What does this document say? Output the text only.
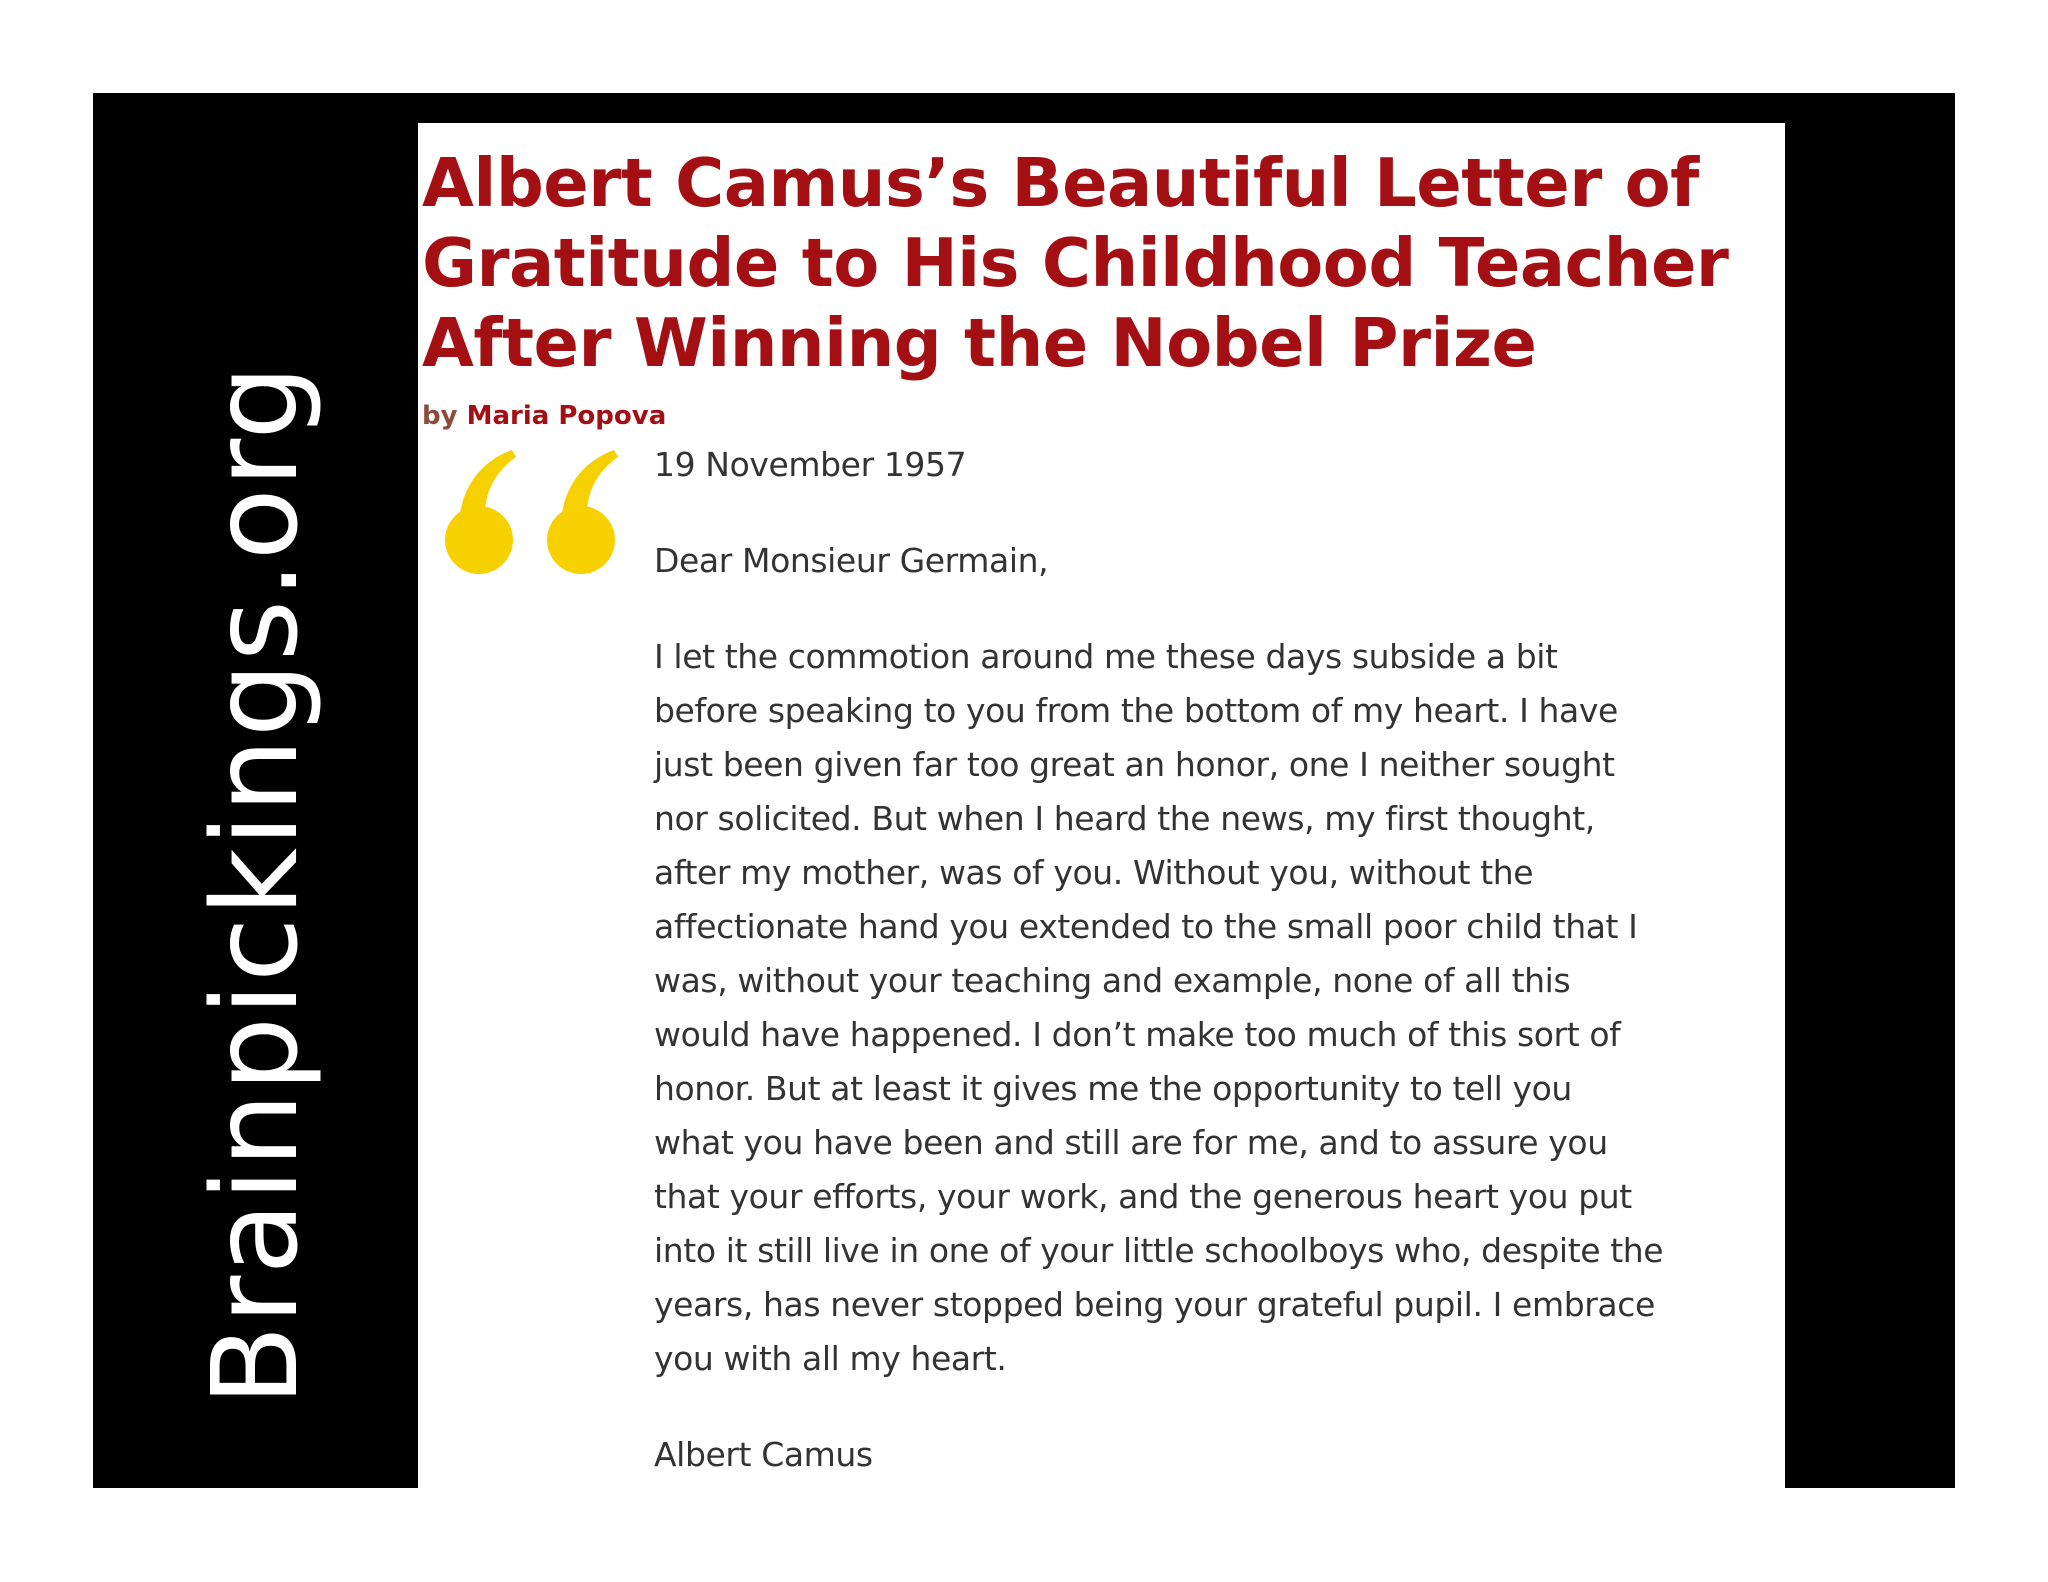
Brainpickings.org
Albert Camus’s Beautiful Letter of Gratitude to His Childhood Teacher After Winning the Nobel Prize
by Maria Popova

19 November 1957

Dear Monsieur Germain,

I let the commotion around me these days subside a bit

before speaking to you from the bottom of my heart. I have

just been given far too great an honor, one I neither sought

nor solicited. But when I heard the news, my first thought,

after my mother, was of you. Without you, without the

affectionate hand you extended to the small poor child that I

was, without your teaching and example, none of all this

would have happened. I don’t make too much of this sort of

honor. But at least it gives me the opportunity to tell you

what you have been and still are for me, and to assure you

that your efforts, your work, and the generous heart you put

into it still live in one of your little schoolboys who, despite the

years, has never stopped being your grateful pupil. I embrace

you with all my heart.

Albert Camus
